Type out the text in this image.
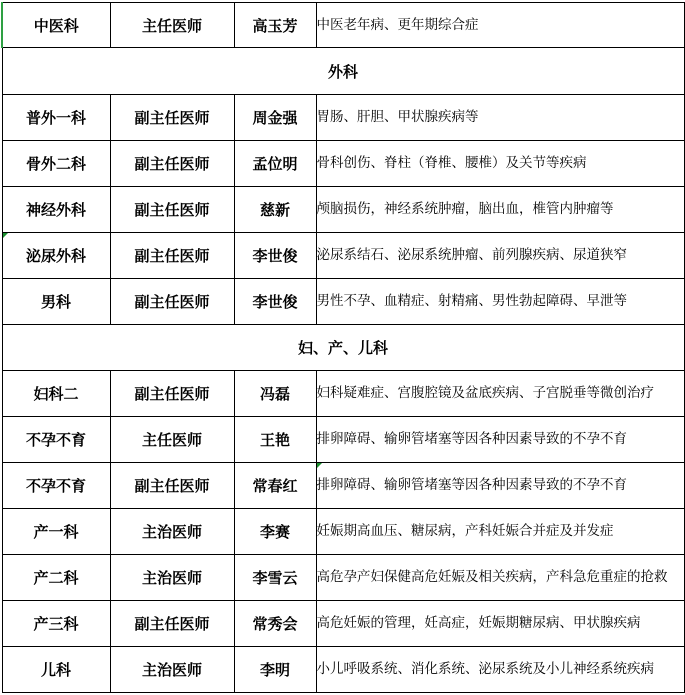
中医科	主任医师	高玉芳	中医老年病、更年期综合症
外科			
普外一科	副主任医师	周金强	胃肠、肝胆、甲状腺疾病等
骨外二科	副主任医师	孟位明	骨科创伤、脊柱（脊椎、腰椎）及关节等疾病
神经外科	副主任医师	慈新	颅脑损伤，神经系统肿瘤，脑出血，椎管内肿瘤等
泌尿外科	副主任医师	李世俊	泌尿系结石、泌尿系统肿瘤、前列腺疾病、尿道狭窄
男科	副主任医师	李世俊	男性不孕、血精症、射精痛、男性勃起障碍、早泄等
妇、产、儿科			
妇科二	副主任医师	冯磊	妇科疑难症、宫腹腔镜及盆底疾病、子宫脱垂等微创治疗
不孕不育	主任医师	王艳	排卵障碍、输卵管堵塞等因各种因素导致的不孕不育
不孕不育	副主任医师	常春红	排卵障碍、输卵管堵塞等因各种因素导致的不孕不育
产一科	主治医师	李赛	妊娠期高血压、糖尿病，产科妊娠合并症及并发症
产二科	主治医师	李雪云	高危孕产妇保健高危妊娠及相关疾病，产科急危重症的抢救
产三科	副主任医师	常秀会	高危妊娠的管理，妊高症，妊娠期糖尿病、甲状腺疾病
儿科	主治医师	李明	小儿呼吸系统、消化系统、泌尿系统及小儿神经系统疾病
